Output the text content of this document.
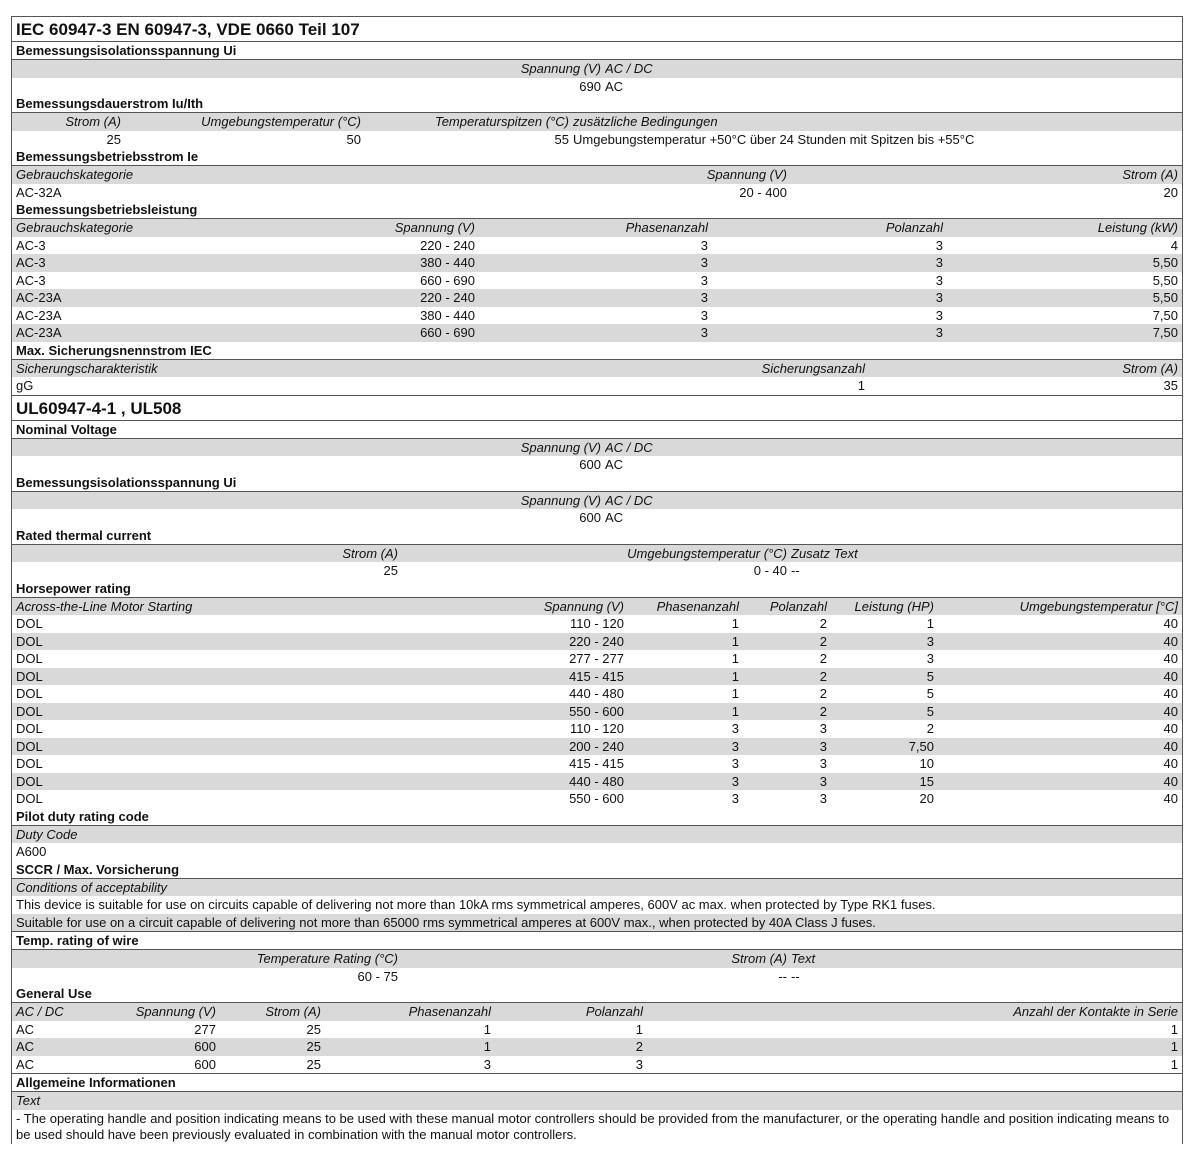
IEC 60947-3 EN 60947-3, VDE 0660 Teil 107
Bemessungsisolationsspannung Ui
Spannung (V)	AC / DC
690	AC
Bemessungsdauerstrom Iu/Ith
Strom (A)	Umgebungstemperatur (°C)	Temperaturspitzen (°C)	zusätzliche Bedingungen
25	50	55	Umgebungstemperatur +50°C über 24 Stunden mit Spitzen bis +55°C
Bemessungsbetriebsstrom Ie
Gebrauchskategorie	Spannung (V)	Strom (A)
AC-32A	20 - 400	20
Bemessungsbetriebsleistung
Gebrauchskategorie	Spannung (V)	Phasenanzahl	Polanzahl	Leistung (kW)
AC-3	220 - 240	3	3	4
AC-3	380 - 440	3	3	5,50
AC-3	660 - 690	3	3	5,50
AC-23A	220 - 240	3	3	5,50
AC-23A	380 - 440	3	3	7,50
AC-23A	660 - 690	3	3	7,50
Max. Sicherungsnennstrom IEC
Sicherungscharakteristik	Sicherungsanzahl	Strom (A)
gG	1	35
UL60947-4-1 , UL508
Nominal Voltage
Spannung (V)	AC / DC
600	AC
Bemessungsisolationsspannung Ui
Spannung (V)	AC / DC
600	AC
Rated thermal current
Strom (A)	Umgebungstemperatur (°C)	Zusatz Text
25	0 - 40	--
Horsepower rating
Across-the-Line Motor Starting	Spannung (V)	Phasenanzahl	Polanzahl	Leistung (HP)	Umgebungstemperatur [°C]
DOL	110 - 120	1	2	1	40
DOL	220 - 240	1	2	3	40
DOL	277 - 277	1	2	3	40
DOL	415 - 415	1	2	5	40
DOL	440 - 480	1	2	5	40
DOL	550 - 600	1	2	5	40
DOL	110 - 120	3	3	2	40
DOL	200 - 240	3	3	7,50	40
DOL	415 - 415	3	3	10	40
DOL	440 - 480	3	3	15	40
DOL	550 - 600	3	3	20	40
Pilot duty rating code
Duty Code
A600
SCCR / Max. Vorsicherung
Conditions of acceptability
This device is suitable for use on circuits capable of delivering not more than 10kA rms symmetrical amperes, 600V ac max. when protected by Type RK1 fuses.
Suitable for use on a circuit capable of delivering not more than 65000 rms symmetrical amperes at 600V max., when protected by 40A Class J fuses.
Temp. rating of wire
Temperature Rating (°C)	Strom (A)	Text
60 - 75	--	--
General Use
AC / DC	Spannung (V)	Strom (A)	Phasenanzahl	Polanzahl	Anzahl der Kontakte in Serie
AC	277	25	1	1	1
AC	600	25	1	2	1
AC	600	25	3	3	1
Allgemeine Informationen
Text
- The operating handle and position indicating means to be used with these manual motor controllers should be provided from the manufacturer, or the operating handle and position indicating means to be used should have been previously evaluated in combination with the manual motor controllers.
